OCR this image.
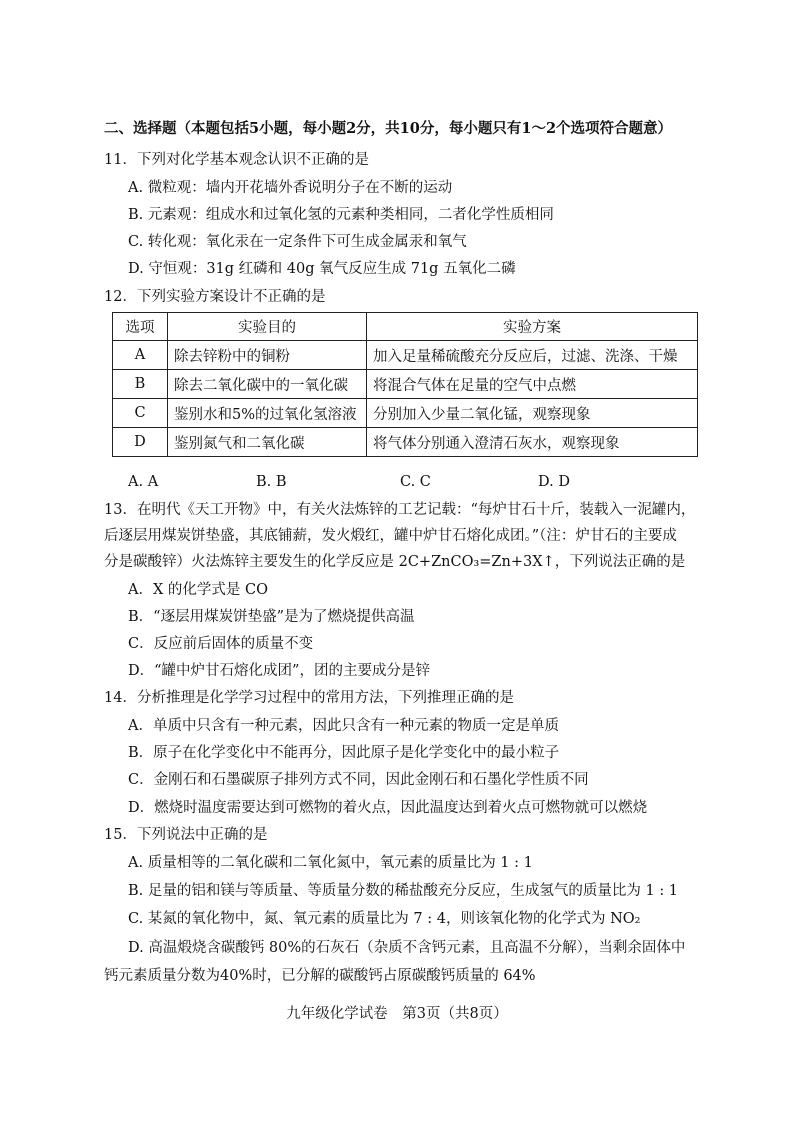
二、选择题（本题包括5小题，每小题2分，共10分，每小题只有1～2个选项符合题意）
11．下列对化学基本观念认识不正确的是
A. 微粒观：墙内开花墙外香说明分子在不断的运动
B. 元素观：组成水和过氧化氢的元素种类相同，二者化学性质相同
C. 转化观：氧化汞在一定条件下可生成金属汞和氧气
D. 守恒观：31g 红磷和 40g 氧气反应生成 71g 五氧化二磷
12．下列实验方案设计不正确的是
选项	实验目的	实验方案
A	除去锌粉中的铜粉	加入足量稀硫酸充分反应后，过滤、洗涤、干燥
B	除去二氧化碳中的一氧化碳	将混合气体在足量的空气中点燃
C	鉴别水和5%的过氧化氢溶液	分别加入少量二氧化锰，观察现象
D	鉴别氮气和二氧化碳	将气体分别通入澄清石灰水，观察现象
A. A	B. B	C. C	D. D
13．在明代《天工开物》中，有关火法炼锌的工艺记载：“每炉甘石十斤，装载入一泥罐内，
后逐层用煤炭饼垫盛，其底铺薪，发火煅红，罐中炉甘石熔化成团。”（注：炉甘石的主要成
分是碳酸锌）火法炼锌主要发生的化学反应是 2C+ZnCO₃=Zn+3X↑，下列说法正确的是
A．X 的化学式是 CO
B．“逐层用煤炭饼垫盛”是为了燃烧提供高温
C．反应前后固体的质量不变
D．“罐中炉甘石熔化成团”，团的主要成分是锌
14．分析推理是化学学习过程中的常用方法，下列推理正确的是
A．单质中只含有一种元素，因此只含有一种元素的物质一定是单质
B．原子在化学变化中不能再分，因此原子是化学变化中的最小粒子
C．金刚石和石墨碳原子排列方式不同，因此金刚石和石墨化学性质不同
D．燃烧时温度需要达到可燃物的着火点，因此温度达到着火点可燃物就可以燃烧
15．下列说法中正确的是
A. 质量相等的二氧化碳和二氧化氮中，氧元素的质量比为 1 : 1
B. 足量的铝和镁与等质量、等质量分数的稀盐酸充分反应，生成氢气的质量比为 1 : 1
C. 某氮的氧化物中，氮、氧元素的质量比为 7 : 4，则该氧化物的化学式为 NO₂
D. 高温煅烧含碳酸钙 80%的石灰石（杂质不含钙元素，且高温不分解），当剩余固体中
钙元素质量分数为40%时，已分解的碳酸钙占原碳酸钙质量的 64%
九年级化学试卷　第3页（共8页）
